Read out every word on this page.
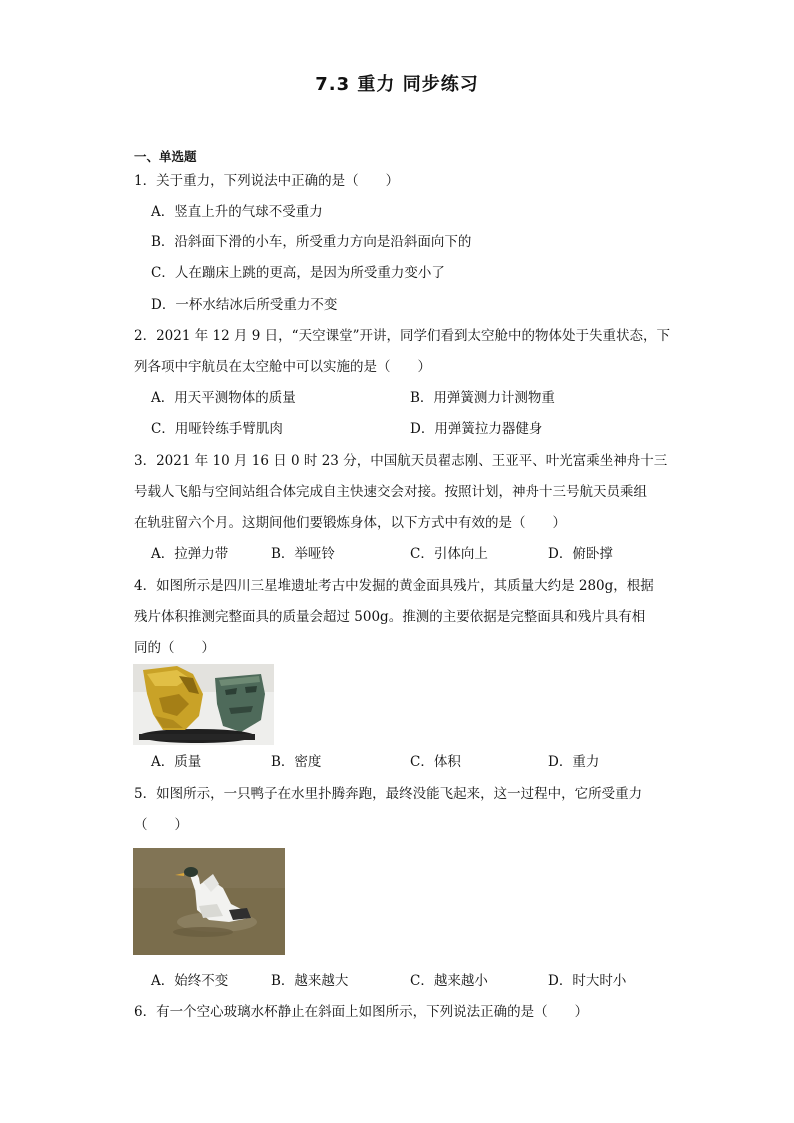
7.3 重力 同步练习
一、单选题
1．关于重力，下列说法中正确的是（　　）
A．竖直上升的气球不受重力
B．沿斜面下滑的小车，所受重力方向是沿斜面向下的
C．人在蹦床上跳的更高，是因为所受重力变小了
D．一杯水结冰后所受重力不变
2．2021 年 12 月 9 日，“天空课堂”开讲，同学们看到太空舱中的物体处于失重状态，下
列各项中宇航员在太空舱中可以实施的是（　　）
A．用天平测物体的质量	B．用弹簧测力计测物重
C．用哑铃练手臂肌肉	D．用弹簧拉力器健身
3．2021 年 10 月 16 日 0 时 23 分，中国航天员翟志刚、王亚平、叶光富乘坐神舟十三
号载人飞船与空间站组合体完成自主快速交会对接。按照计划，神舟十三号航天员乘组
在轨驻留六个月。这期间他们要锻炼身体，以下方式中有效的是（　　）
A．拉弹力带	B．举哑铃	C．引体向上	D．俯卧撑
4．如图所示是四川三星堆遗址考古中发掘的黄金面具残片，其质量大约是 280g，根据
残片体积推测完整面具的质量会超过 500g。推测的主要依据是完整面具和残片具有相
同的（　　）
A．质量	B．密度	C．体积	D．重力
5．如图所示，一只鸭子在水里扑腾奔跑，最终没能飞起来，这一过程中，它所受重力
（　　）
A．始终不变	B．越来越大	C．越来越小	D．时大时小
6．有一个空心玻璃水杯静止在斜面上如图所示，下列说法正确的是（　　）
